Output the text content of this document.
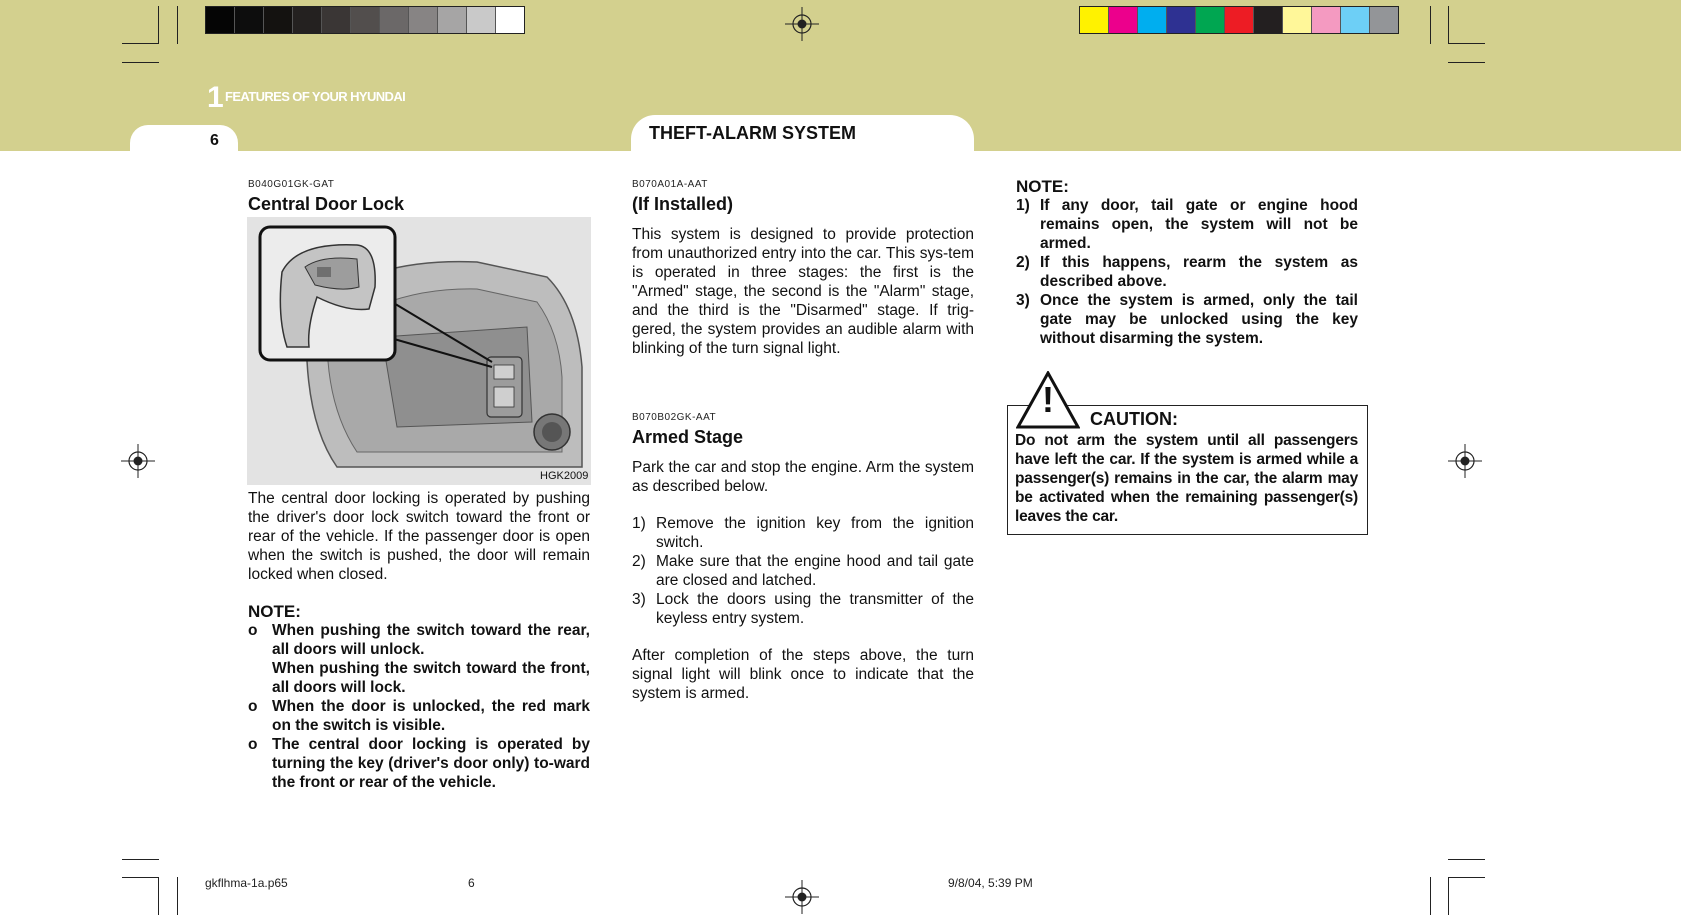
1 FEATURES OF YOUR HYUNDAI
6	THEFT-ALARM SYSTEM
B040G01GK-GAT
Central Door Lock
HGK2009

The central door locking is operated by pushing the driver's door lock switch toward the front or rear of the vehicle. If the passenger door is open when the switch is pushed, the door will remain locked when closed.

NOTE:
o When pushing the switch toward the rear, all doors will unlock.
When pushing the switch toward the front, all doors will lock.
o When the door is unlocked, the red mark on the switch is visible.
o The central door locking is operated by turning the key (driver's door only) to-ward the front or rear of the vehicle.
B070A01A-AAT
(If Installed)

This system is designed to provide protection from unauthorized entry into the car. This sys-tem is operated in three stages: the first is the "Armed" stage, the second is the "Alarm" stage, and the third is the "Disarmed" stage. If trig-gered, the system provides an audible alarm with blinking of the turn signal light.

B070B02GK-AAT
Armed Stage

Park the car and stop the engine. Arm the system as described below.

1) Remove the ignition key from the ignition switch.
2) Make sure that the engine hood and tail gate are closed and latched.
3) Lock the doors using the transmitter of the keyless entry system.

After completion of the steps above, the turn signal light will blink once to indicate that the system is armed.

NOTE:
1) If any door, tail gate or engine hood remains open, the system will not be armed.
2) If this happens, rearm the system as described above.
3) Once the system is armed, only the tail gate may be unlocked using the key without disarming the system.
! CAUTION:
Do not arm the system until all passengers have left the car. If the system is armed while a passenger(s) remains in the car, the alarm may be activated when the remaining passenger(s) leaves the car.
gkflhma-1a.p65	6	9/8/04, 5:39 PM
